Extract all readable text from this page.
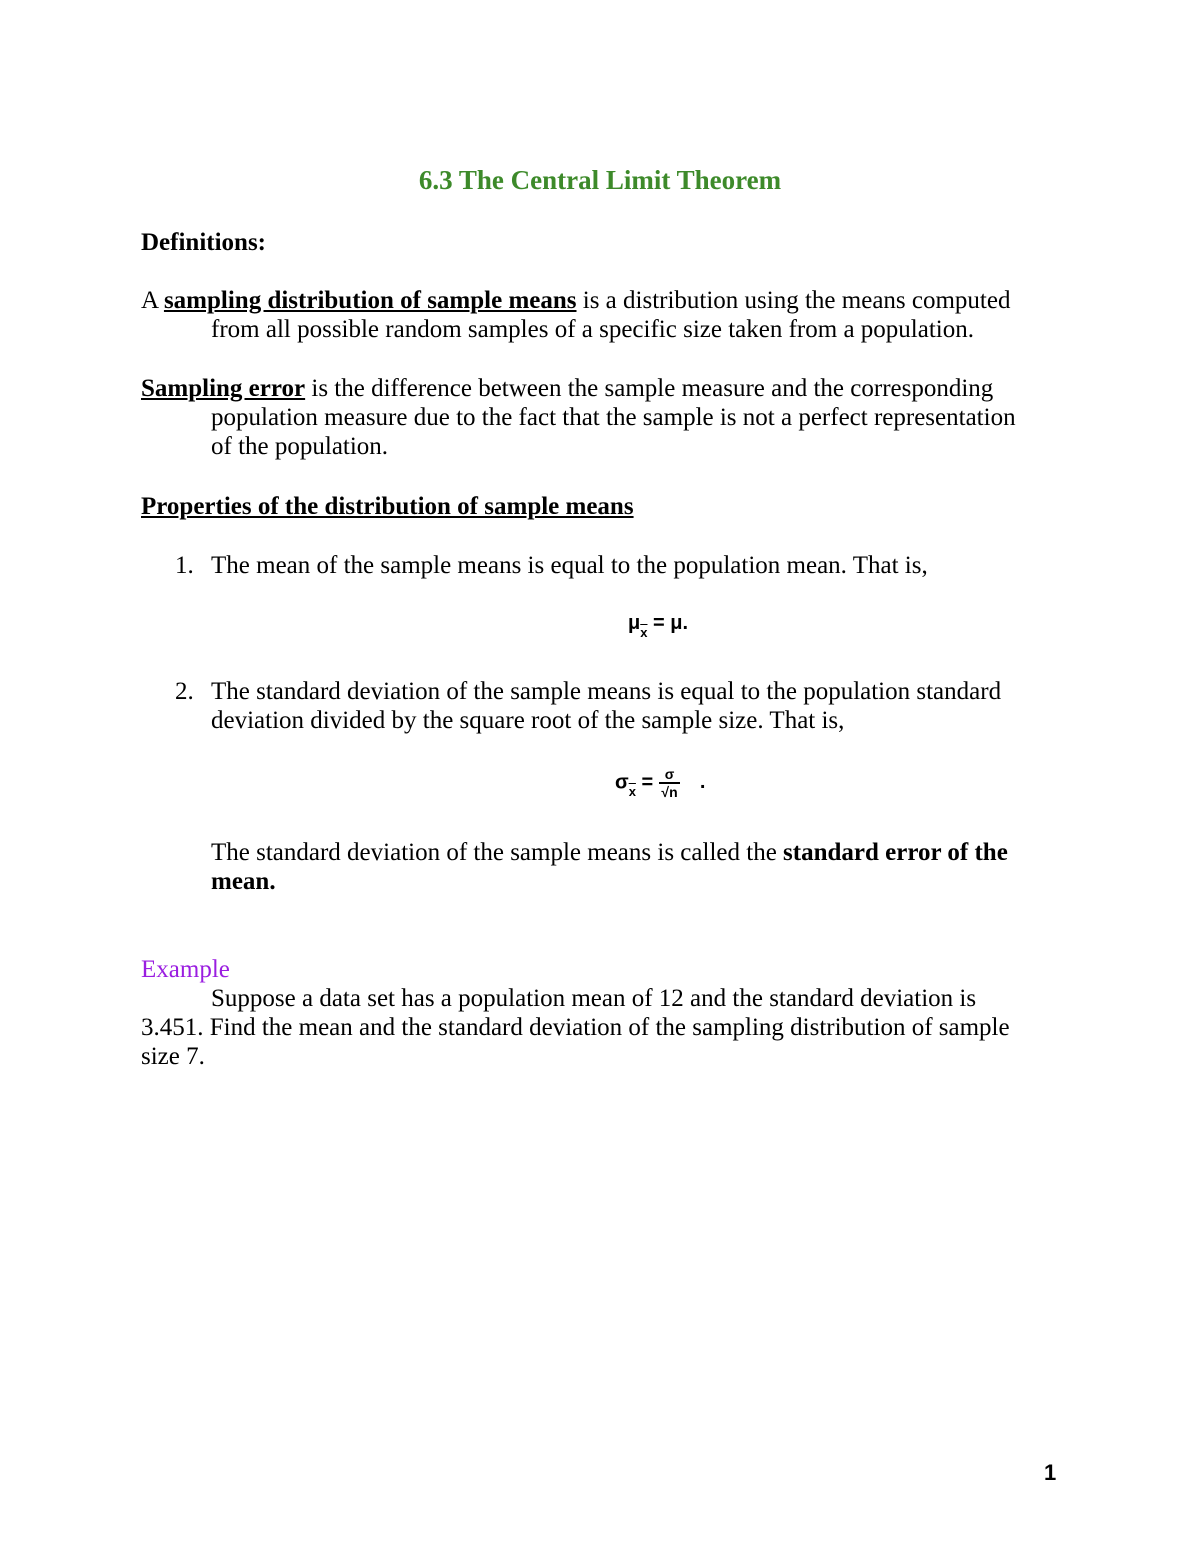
6.3 The Central Limit Theorem
Definitions:
A sampling distribution of sample means is a distribution using the means computed
from all possible random samples of a specific size taken from a population.
Sampling error is the difference between the sample measure and the corresponding
population measure due to the fact that the sample is not a perfect representation
of the population.
Properties of the distribution of sample means
1. The mean of the sample means is equal to the population mean. That is,
$\mu_{\overline{x}} = \mu$.
2. The standard deviation of the sample means is equal to the population standard
deviation divided by the square root of the sample size. That is,
$\sigma_{\overline{x}} = \frac{\sigma}{√n}$ .
The standard deviation of the sample means is called the standard error of the
mean.
Example
Suppose a data set has a population mean of 12 and the standard deviation is
3.451. Find the mean and the standard deviation of the sampling distribution of sample
size 7.
1
